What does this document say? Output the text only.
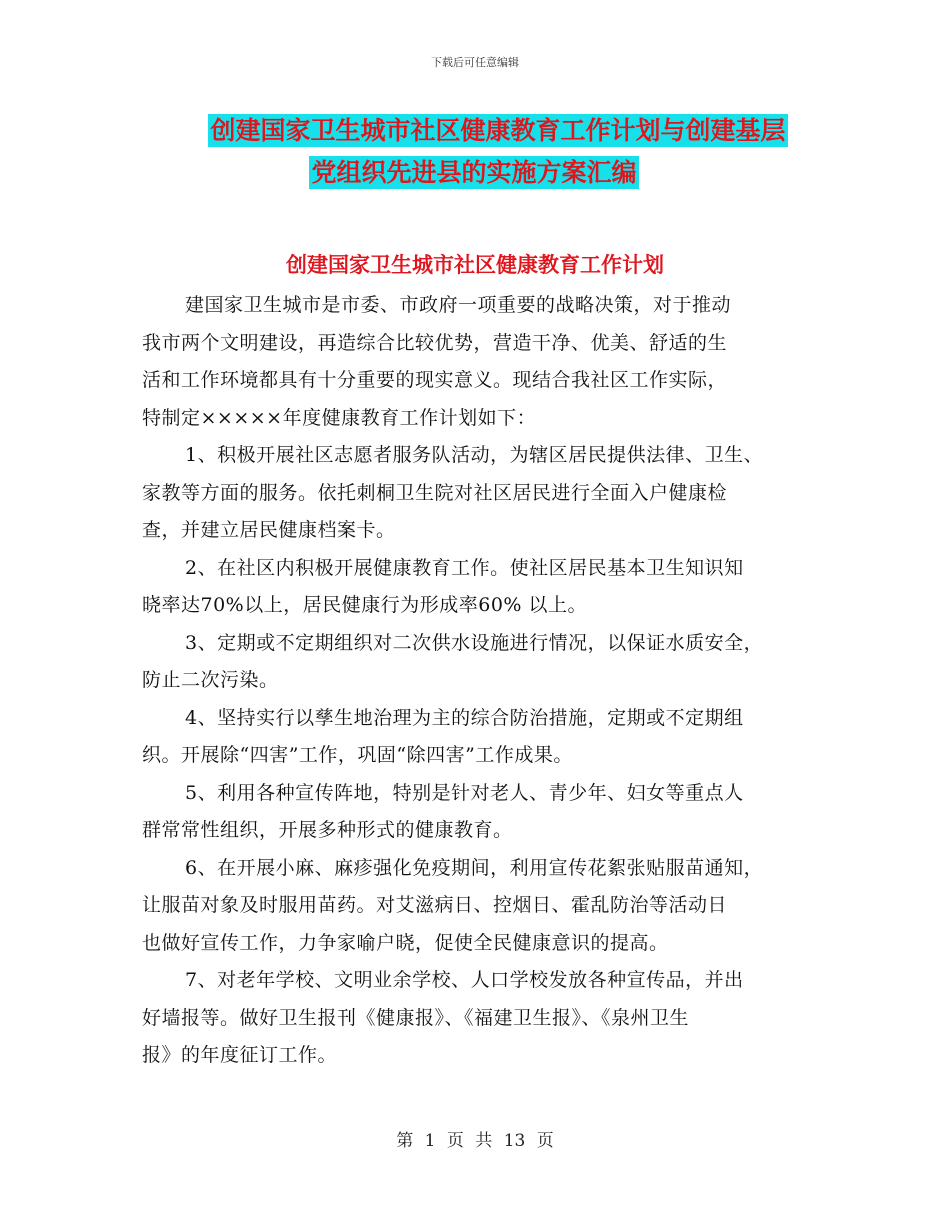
下载后可任意编辑
创建国家卫生城市社区健康教育工作计划与创建基层
党组织先进县的实施方案汇编
创建国家卫生城市社区健康教育工作计划
建国家卫生城市是市委、市政府一项重要的战略决策，对于推动
我市两个文明建设，再造综合比较优势，营造干净、优美、舒适的生
活和工作环境都具有十分重要的现实意义。现结合我社区工作实际，
特制定×××××年度健康教育工作计划如下：
1、积极开展社区志愿者服务队活动，为辖区居民提供法律、卫生、
家教等方面的服务。依托刺桐卫生院对社区居民进行全面入户健康检
查，并建立居民健康档案卡。
2、在社区内积极开展健康教育工作。使社区居民基本卫生知识知
晓率达70%以上，居民健康行为形成率60% 以上。
3、定期或不定期组织对二次供水设施进行情况，以保证水质安全，
防止二次污染。
4、坚持实行以孳生地治理为主的综合防治措施，定期或不定期组
织。开展除“四害”工作，巩固“除四害”工作成果。
5、利用各种宣传阵地，特别是针对老人、青少年、妇女等重点人
群常常性组织，开展多种形式的健康教育。
6、在开展小麻、麻疹强化免疫期间，利用宣传花絮张贴服苗通知，
让服苗对象及时服用苗药。对艾滋病日、控烟日、霍乱防治等活动日
也做好宣传工作，力争家喻户晓，促使全民健康意识的提高。
7、对老年学校、文明业余学校、人口学校发放各种宣传品，并出
好墙报等。做好卫生报刊《健康报》、《福建卫生报》、《泉州卫生
报》的年度征订工作。
第 1 页 共 13 页
